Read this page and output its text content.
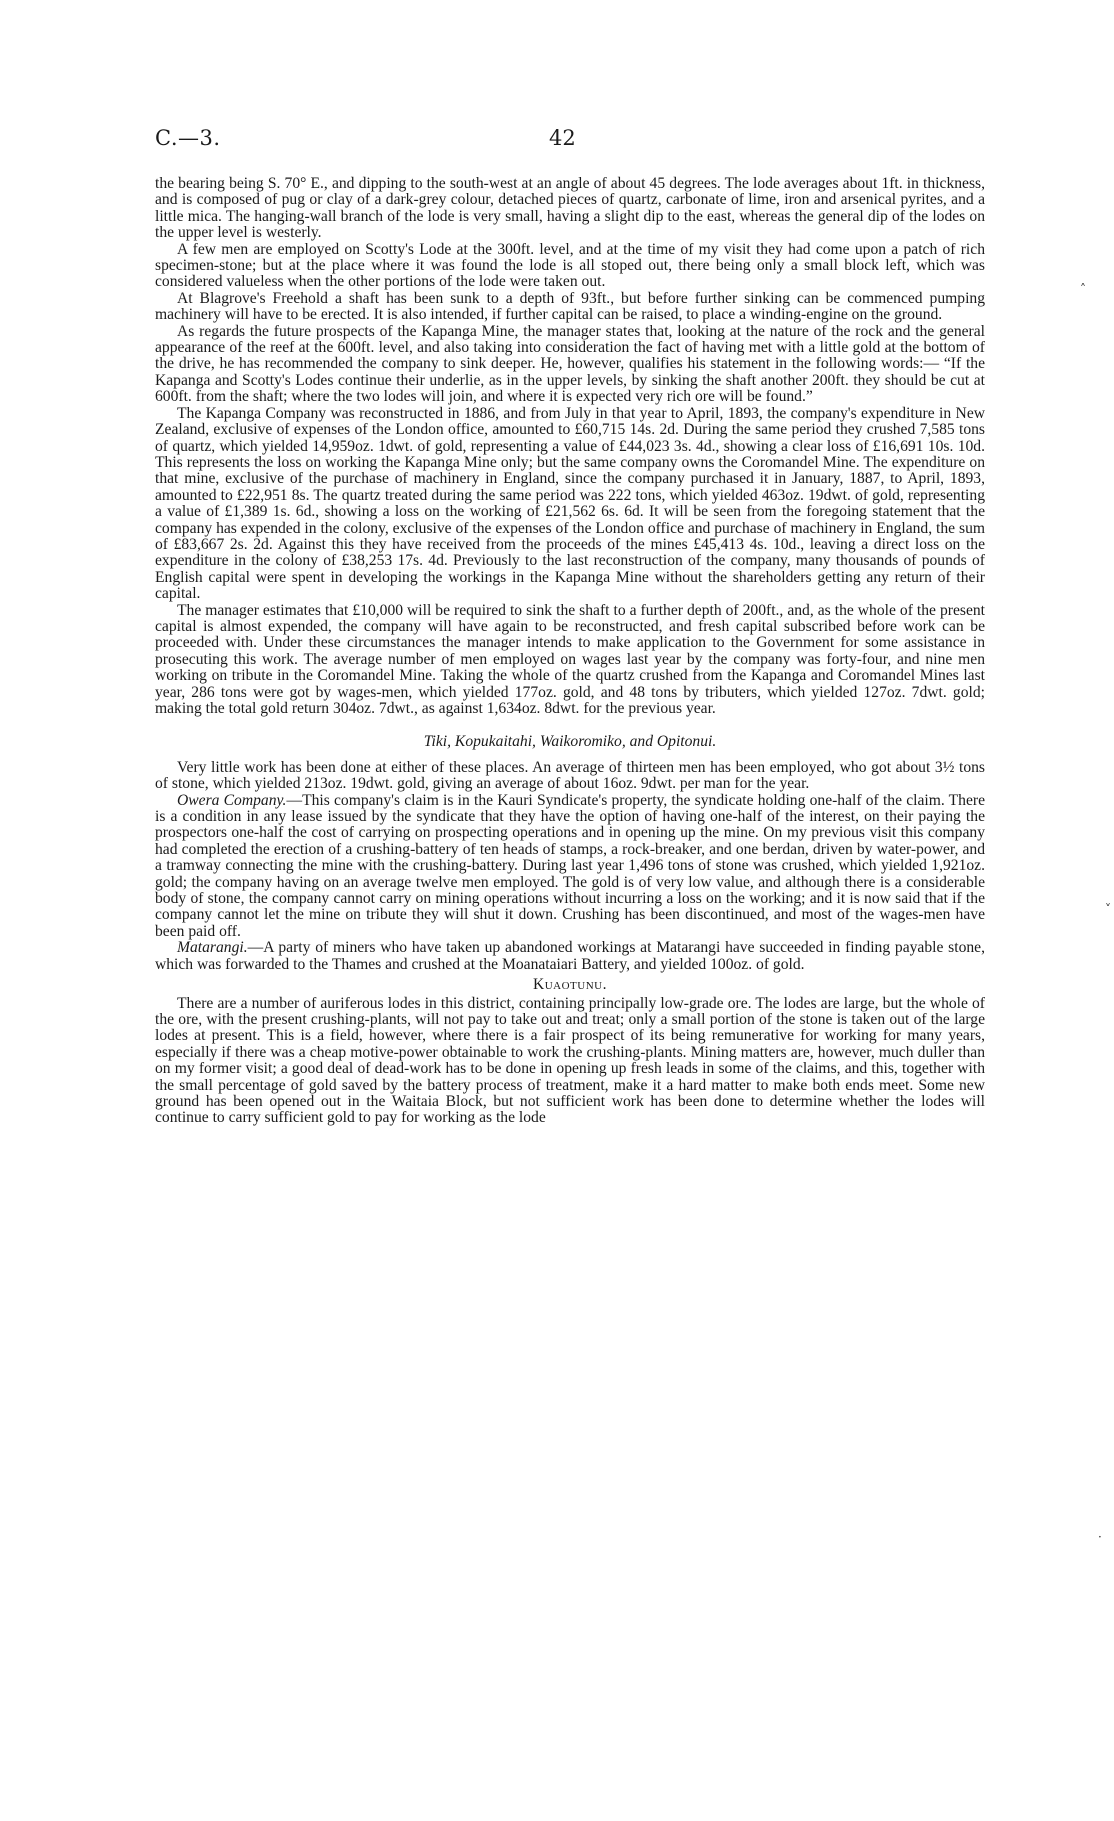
C.—3.	42

the bearing being S. 70° E., and dipping to the south-west at an angle of about 45 degrees. The lode averages about 1ft. in thickness, and is composed of pug or clay of a dark-grey colour, detached pieces of quartz, carbonate of lime, iron and arsenical pyrites, and a little mica. The hanging-wall branch of the lode is very small, having a slight dip to the east, whereas the general dip of the lodes on the upper level is westerly.

A few men are employed on Scotty's Lode at the 300ft. level, and at the time of my visit they had come upon a patch of rich specimen-stone; but at the place where it was found the lode is all stoped out, there being only a small block left, which was considered valueless when the other portions of the lode were taken out.

At Blagrove's Freehold a shaft has been sunk to a depth of 93ft., but before further sinking can be commenced pumping machinery will have to be erected. It is also intended, if further capital can be raised, to place a winding-engine on the ground.

As regards the future prospects of the Kapanga Mine, the manager states that, looking at the nature of the rock and the general appearance of the reef at the 600ft. level, and also taking into consideration the fact of having met with a little gold at the bottom of the drive, he has recommended the company to sink deeper. He, however, qualifies his statement in the following words:— “If the Kapanga and Scotty's Lodes continue their underlie, as in the upper levels, by sinking the shaft another 200ft. they should be cut at 600ft. from the shaft; where the two lodes will join, and where it is expected very rich ore will be found.”

The Kapanga Company was reconstructed in 1886, and from July in that year to April, 1893, the company's expenditure in New Zealand, exclusive of expenses of the London office, amounted to £60,715 14s. 2d. During the same period they crushed 7,585 tons of quartz, which yielded 14,959oz. 1dwt. of gold, representing a value of £44,023 3s. 4d., showing a clear loss of £16,691 10s. 10d. This represents the loss on working the Kapanga Mine only; but the same company owns the Coromandel Mine. The expenditure on that mine, exclusive of the purchase of machinery in England, since the company purchased it in January, 1887, to April, 1893, amounted to £22,951 8s. The quartz treated during the same period was 222 tons, which yielded 463oz. 19dwt. of gold, representing a value of £1,389 1s. 6d., showing a loss on the working of £21,562 6s. 6d. It will be seen from the foregoing statement that the company has expended in the colony, exclusive of the expenses of the London office and purchase of machinery in England, the sum of £83,667 2s. 2d. Against this they have received from the proceeds of the mines £45,413 4s. 10d., leaving a direct loss on the expenditure in the colony of £38,253 17s. 4d. Previously to the last reconstruction of the company, many thousands of pounds of English capital were spent in developing the workings in the Kapanga Mine without the shareholders getting any return of their capital.

The manager estimates that £10,000 will be required to sink the shaft to a further depth of 200ft., and, as the whole of the present capital is almost expended, the company will have again to be reconstructed, and fresh capital subscribed before work can be proceeded with. Under these circumstances the manager intends to make application to the Government for some assistance in prosecuting this work. The average number of men employed on wages last year by the company was forty-four, and nine men working on tribute in the Coromandel Mine. Taking the whole of the quartz crushed from the Kapanga and Coromandel Mines last year, 286 tons were got by wages-men, which yielded 177oz. gold, and 48 tons by tributers, which yielded 127oz. 7dwt. gold; making the total gold return 304oz. 7dwt., as against 1,634oz. 8dwt. for the previous year.

Tiki, Kopukaitahi, Waikoromiko, and Opitonui.

Very little work has been done at either of these places. An average of thirteen men has been employed, who got about 3½ tons of stone, which yielded 213oz. 19dwt. gold, giving an average of about 16oz. 9dwt. per man for the year.

Owera Company.—This company's claim is in the Kauri Syndicate's property, the syndicate holding one-half of the claim. There is a condition in any lease issued by the syndicate that they have the option of having one-half of the interest, on their paying the prospectors one-half the cost of carrying on prospecting operations and in opening up the mine. On my previous visit this company had completed the erection of a crushing-battery of ten heads of stamps, a rock-breaker, and one berdan, driven by water-power, and a tramway connecting the mine with the crushing-battery. During last year 1,496 tons of stone was crushed, which yielded 1,921oz. gold; the company having on an average twelve men employed. The gold is of very low value, and although there is a considerable body of stone, the company cannot carry on mining operations without incurring a loss on the working; and it is now said that if the company cannot let the mine on tribute they will shut it down. Crushing has been discontinued, and most of the wages-men have been paid off.

Matarangi.—A party of miners who have taken up abandoned workings at Matarangi have succeeded in finding payable stone, which was forwarded to the Thames and crushed at the Moanataiari Battery, and yielded 100oz. of gold.

Kuaotunu.

There are a number of auriferous lodes in this district, containing principally low-grade ore. The lodes are large, but the whole of the ore, with the present crushing-plants, will not pay to take out and treat; only a small portion of the stone is taken out of the large lodes at present. This is a field, however, where there is a fair prospect of its being remunerative for working for many years, especially if there was a cheap motive-power obtainable to work the crushing-plants. Mining matters are, however, much duller than on my former visit; a good deal of dead-work has to be done in opening up fresh leads in some of the claims, and this, together with the small percentage of gold saved by the battery process of treatment, make it a hard matter to make both ends meet. Some new ground has been opened out in the Waitaia Block, but not sufficient work has been done to determine whether the lodes will continue to carry sufficient gold to pay for working as the lode

˄
˅
·
